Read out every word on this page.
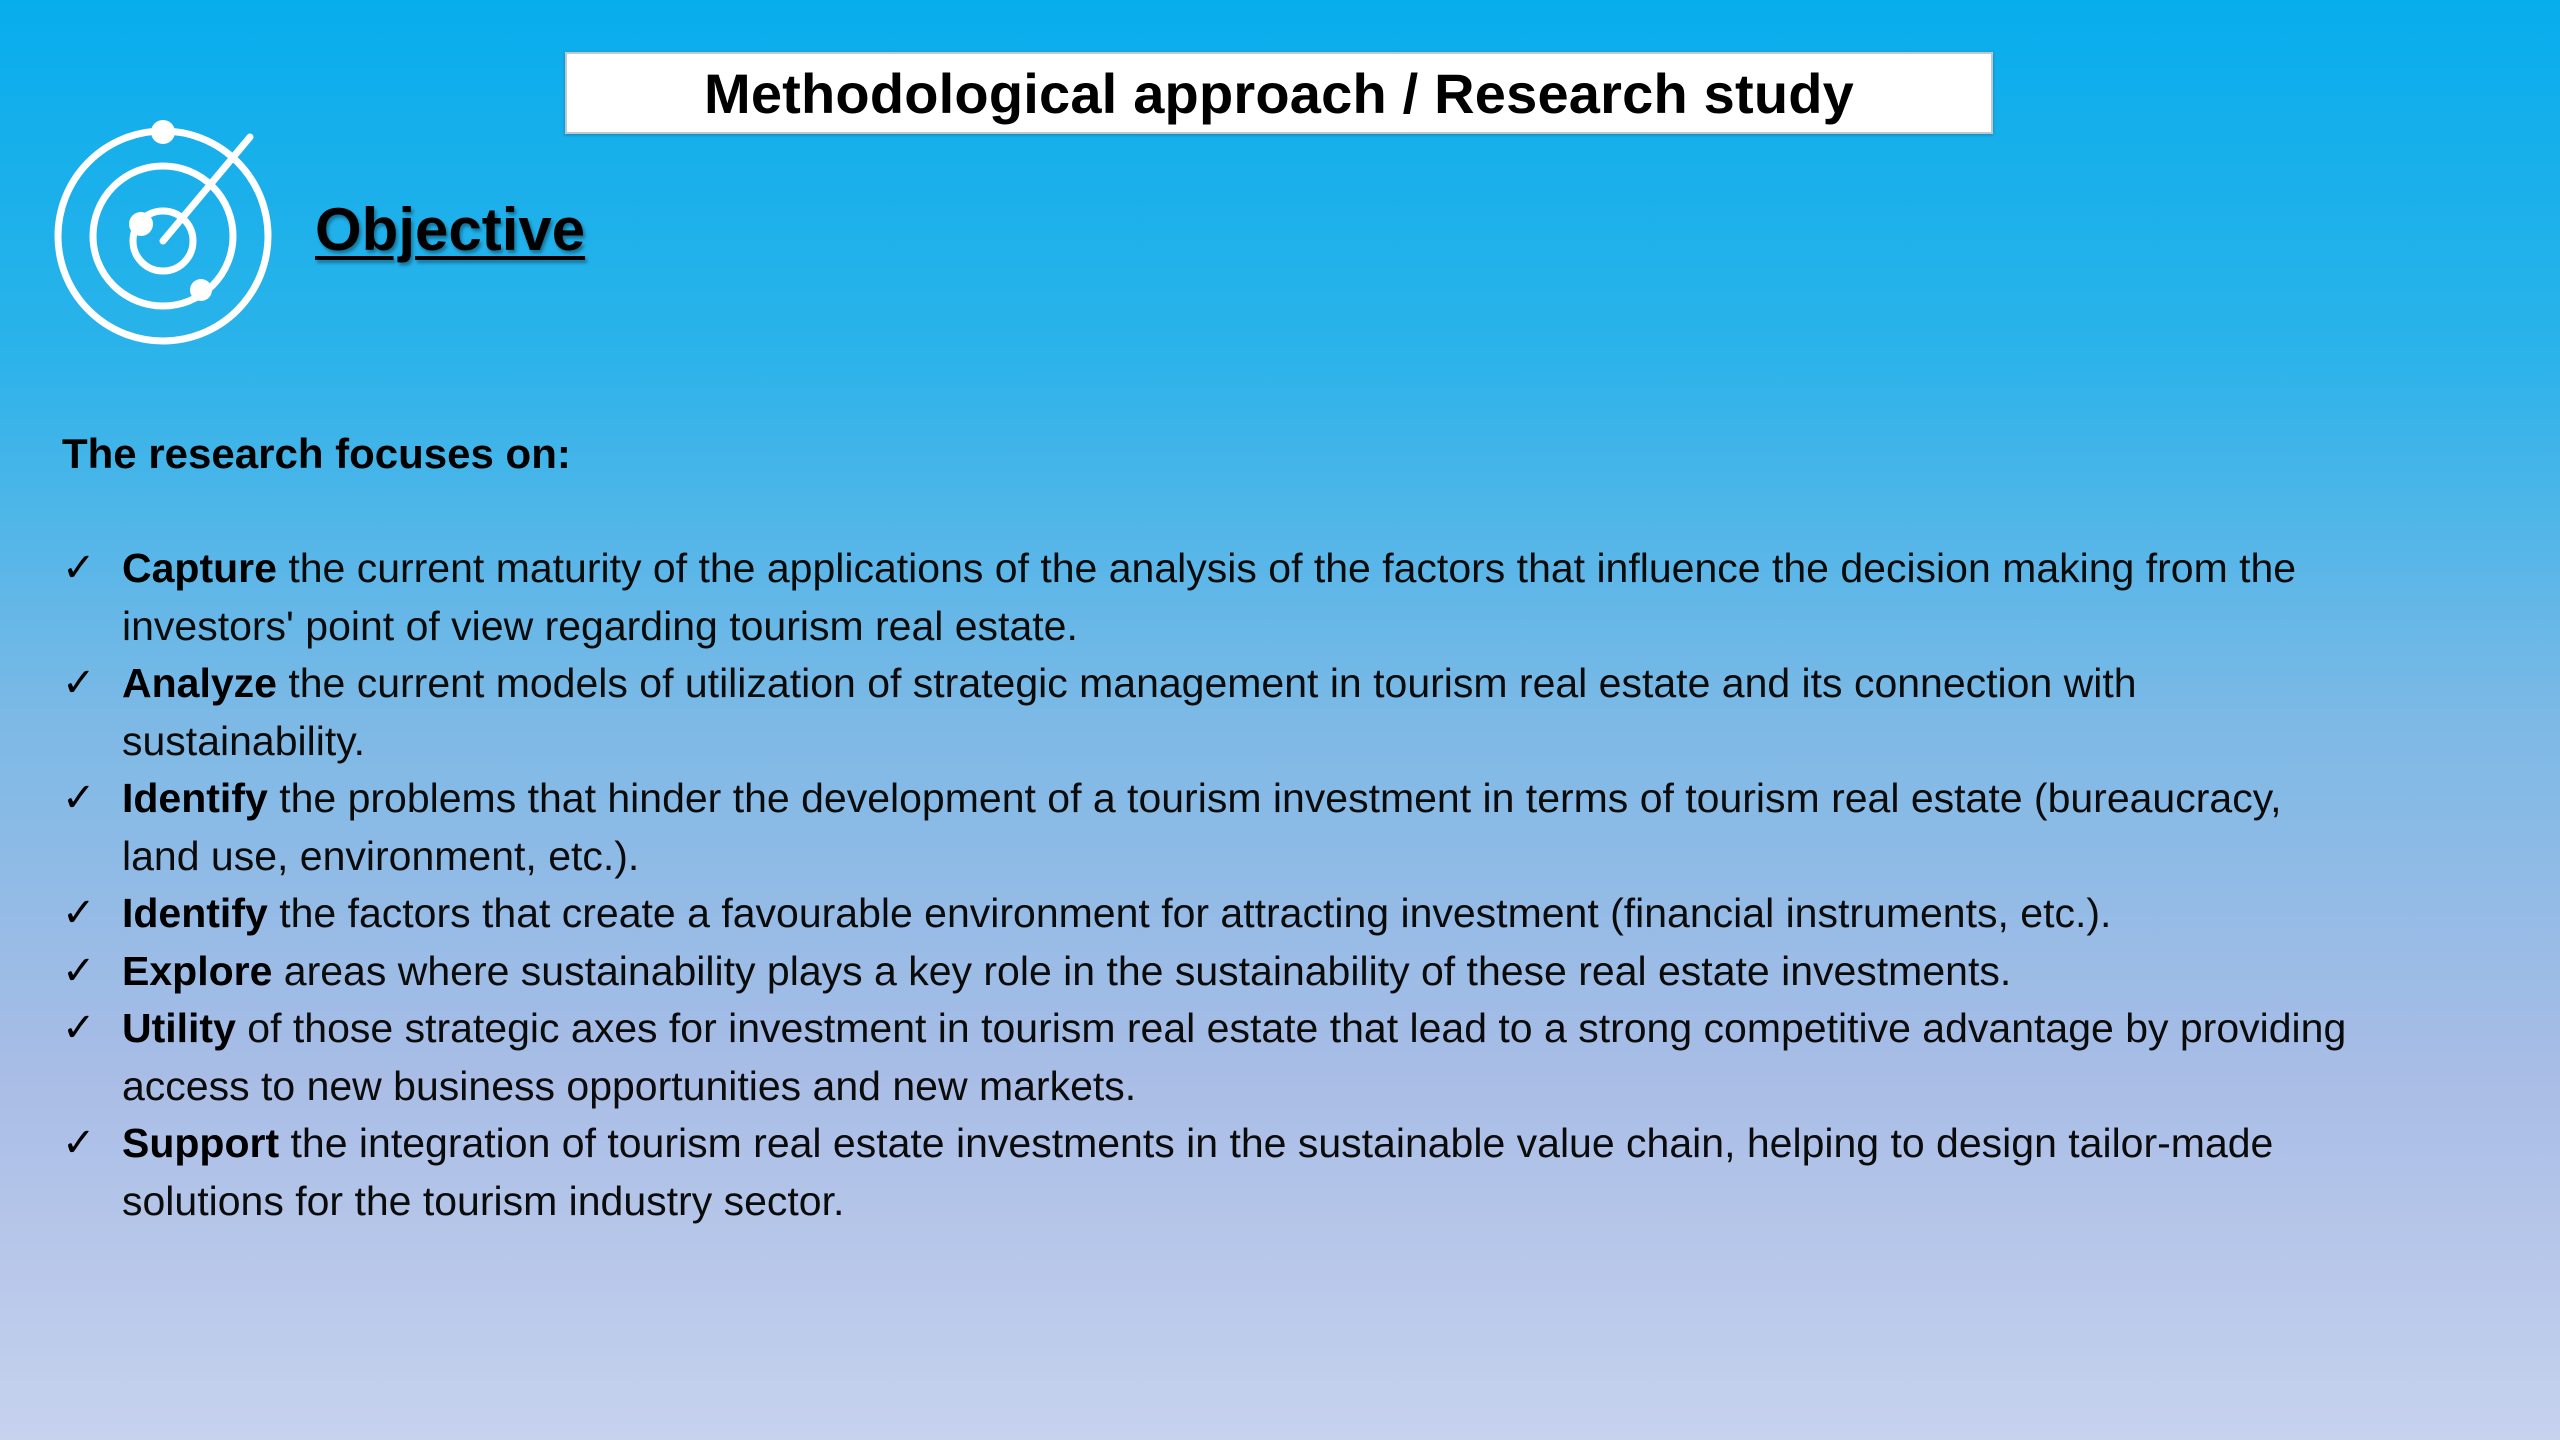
Methodological approach / Research study
Objective
The research focuses on:
✓ Capture the current maturity of the applications of the analysis of the factors that influence the decision making from the investors' point of view regarding tourism real estate.
✓ Analyze the current models of utilization of strategic management in tourism real estate and its connection with sustainability.
✓ Identify the problems that hinder the development of a tourism investment in terms of tourism real estate (bureaucracy, land use, environment, etc.).
✓ Identify the factors that create a favourable environment for attracting investment (financial instruments, etc.).
✓ Explore areas where sustainability plays a key role in the sustainability of these real estate investments.
✓ Utility of those strategic axes for investment in tourism real estate that lead to a strong competitive advantage by providing access to new business opportunities and new markets.
✓ Support the integration of tourism real estate investments in the sustainable value chain, helping to design tailor-made solutions for the tourism industry sector.
